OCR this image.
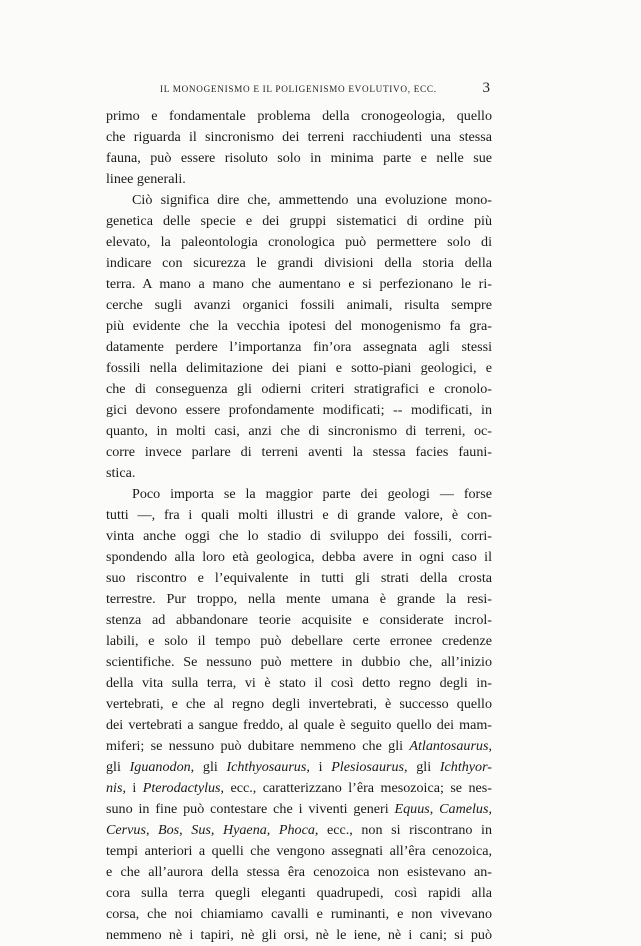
IL MONOGENISMO E IL POLIGENISMO EVOLUTIVO, ECC.	3
primo e fondamentale problema della cronogeologia, quello
che riguarda il sincronismo dei terreni racchiudenti una stessa
fauna, può essere risoluto solo in minima parte e nelle sue
linee generali.
Ciò significa dire che, ammettendo una evoluzione mono-
genetica delle specie e dei gruppi sistematici di ordine più
elevato, la paleontologia cronologica può permettere solo di
indicare con sicurezza le grandi divisioni della storia della
terra. A mano a mano che aumentano e si perfezionano le ri-
cerche sugli avanzi organici fossili animali, risulta sempre
più evidente che la vecchia ipotesi del monogenismo fa gra-
datamente perdere l’importanza fin’ora assegnata agli stessi
fossili nella delimitazione dei piani e sotto-piani geologici, e
che di conseguenza gli odierni criteri stratigrafici e cronolo-
gici devono essere profondamente modificati; -- modificati, in
quanto, in molti casi, anzi che di sincronismo di terreni, oc-
corre invece parlare di terreni aventi la stessa facies fauni-
stica.
Poco importa se la maggior parte dei geologi — forse
tutti —, fra i quali molti illustri e di grande valore, è con-
vinta anche oggi che lo stadio di sviluppo dei fossili, corri-
spondendo alla loro età geologica, debba avere in ogni caso il
suo riscontro e l’equivalente in tutti gli strati della crosta
terrestre. Pur troppo, nella mente umana è grande la resi-
stenza ad abbandonare teorie acquisite e considerate incrol-
labili, e solo il tempo può debellare certe erronee credenze
scientifiche. Se nessuno può mettere in dubbio che, all’inizio
della vita sulla terra, vi è stato il così detto regno degli in-
vertebrati, e che al regno degli invertebrati, è successo quello
dei vertebrati a sangue freddo, al quale è seguito quello dei mam-
miferi; se nessuno può dubitare nemmeno che gli Atlantosaurus,
gli Iguanodon, gli Ichthyosaurus, i Plesiosaurus, gli Ichthyor-
nis, i Pterodactylus, ecc., caratterizzano l’êra mesozoica; se nes-
suno in fine può contestare che i viventi generi Equus, Camelus,
Cervus, Bos, Sus, Hyaena, Phoca, ecc., non si riscontrano in
tempi anteriori a quelli che vengono assegnati all’êra cenozoica,
e che all’aurora della stessa êra cenozoica non esistevano an-
cora sulla terra quegli eleganti quadrupedi, così rapidi alla
corsa, che noi chiamiamo cavalli e ruminanti, e non vivevano
nemmeno nè i tapiri, nè gli orsi, nè le iene, nè i cani; si può
